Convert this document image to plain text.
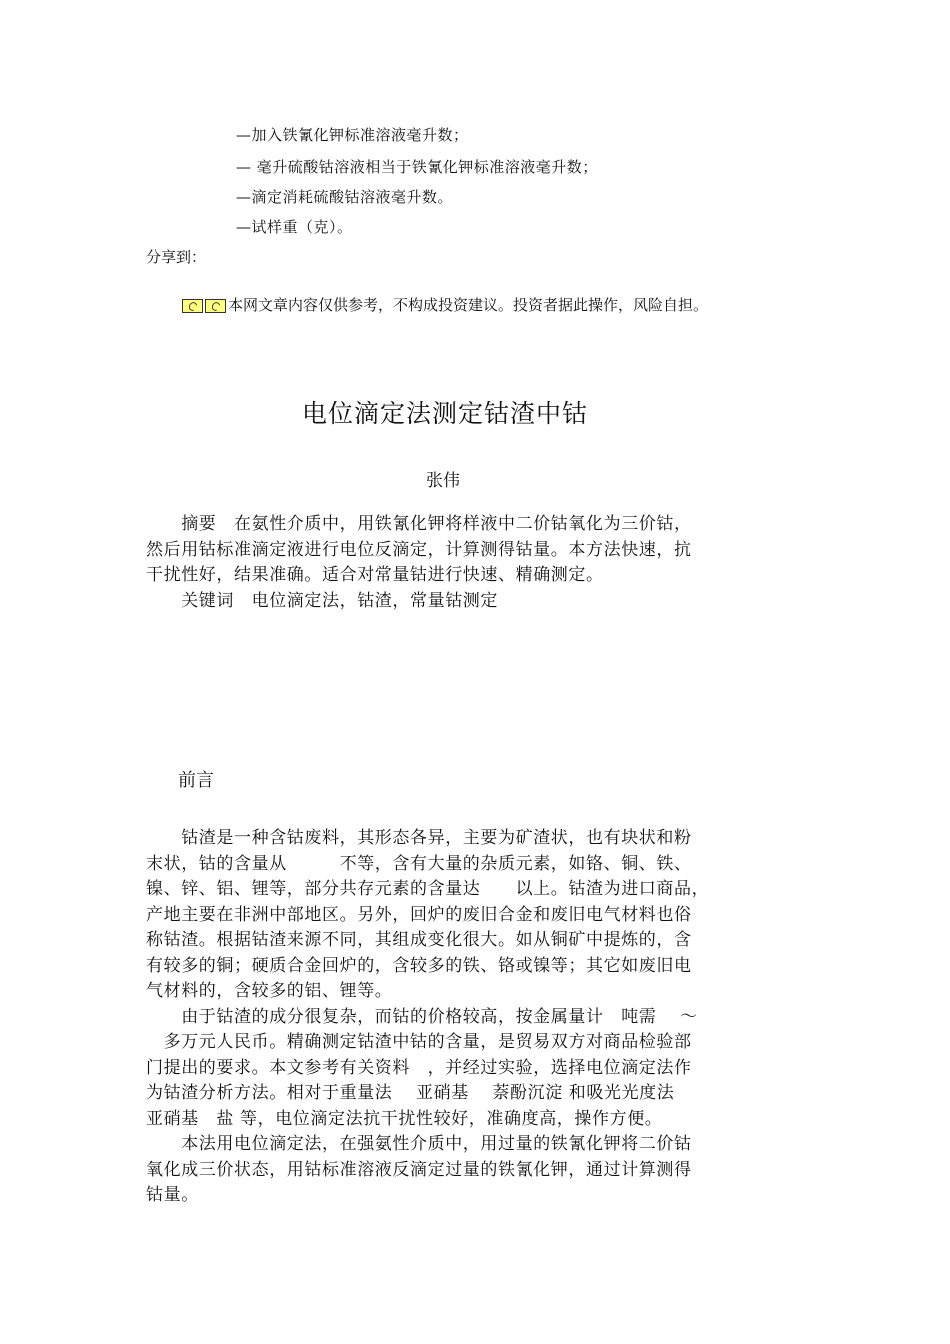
—加入铁氰化钾标准溶液毫升数；
— 毫升硫酸钴溶液相当于铁氰化钾标准溶液毫升数；
—滴定消耗硫酸钴溶液毫升数。
—试样重（克）。
分享到：
本网文章内容仅供参考，不构成投资建议。投资者据此操作，风险自担。
电位滴定法测定钴渣中钴
张伟
　　摘要　在氨性介质中，用铁氰化钾将样液中二价钴氧化为三价钴，
然后用钴标准滴定液进行电位反滴定，计算测得钴量。本方法快速，抗
干扰性好，结果准确。适合对常量钴进行快速、精确测定。
　　关键词　电位滴定法，钴渣，常量钴测定
前言
　　钴渣是一种含钴废料，其形态各异，主要为矿渣状，也有块状和粉
末状，钴的含量从　　　不等，含有大量的杂质元素，如铬、铜、铁、
镍、锌、铝、锂等，部分共存元素的含量达　　以上。钴渣为进口商品，
产地主要在非洲中部地区。另外，回炉的废旧合金和废旧电气材料也俗
称钴渣。根据钴渣来源不同，其组成变化很大。如从铜矿中提炼的，含
有较多的铜；硬质合金回炉的，含较多的铁、铬或镍等；其它如废旧电
气材料的，含较多的铝、锂等。
　　由于钴渣的成分很复杂，而钴的价格较高，按金属量计　吨需　 ～
　多万元人民币。精确测定钴渣中钴的含量，是贸易双方对商品检验部
门提出的要求。本文参考有关资料　，并经过实验，选择电位滴定法作
为钴渣分析方法。相对于重量法　 亚硝基　 萘酚沉淀 和吸光光度法
亚硝基　盐 等，电位滴定法抗干扰性较好，准确度高，操作方便。
　　本法用电位滴定法，在强氨性介质中，用过量的铁氰化钾将二价钴
氧化成三价状态，用钴标准溶液反滴定过量的铁氰化钾，通过计算测得
钴量。
